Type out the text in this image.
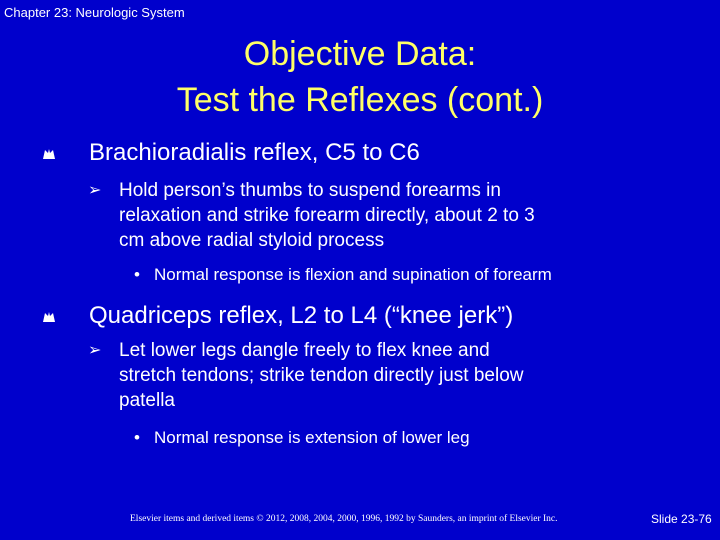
Chapter 23: Neurologic System
Objective Data:
Test the Reflexes (cont.)
Brachioradialis reflex, C5 to C6
➢ Hold person’s thumbs to suspend forearms in
relaxation and strike forearm directly, about 2 to 3
cm above radial styloid process
• Normal response is flexion and supination of forearm
Quadriceps reflex, L2 to L4 (“knee jerk”)
➢ Let lower legs dangle freely to flex knee and
stretch tendons; strike tendon directly just below
patella
• Normal response is extension of lower leg
Elsevier items and derived items © 2012, 2008, 2004, 2000, 1996, 1992 by Saunders, an imprint of Elsevier Inc.	Slide 23-76
